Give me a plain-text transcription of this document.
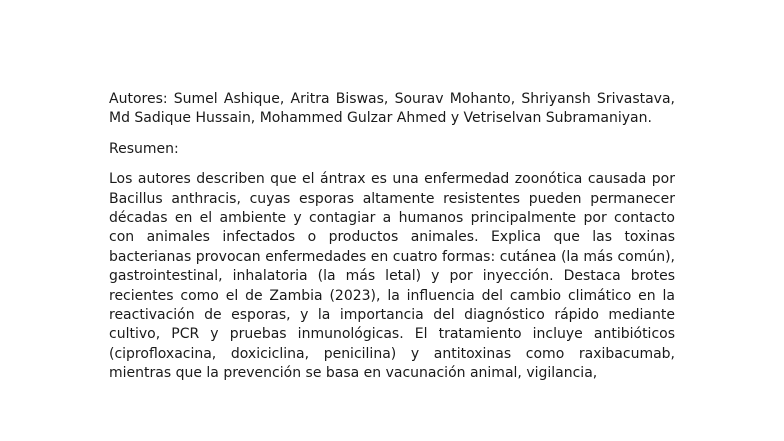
Autores: Sumel Ashique, Aritra Biswas, Sourav Mohanto, Shriyansh Srivastava, Md Sadique Hussain, Mohammed Gulzar Ahmed y Vetriselvan Subramaniyan.

Resumen:

Los autores describen que el ántrax es una enfermedad zoonótica causada por Bacillus anthracis, cuyas esporas altamente resistentes pueden permanecer décadas en el ambiente y contagiar a humanos principalmente por contacto con animales infectados o productos animales. Explica que las toxinas bacterianas provocan enfermedades en cuatro formas: cutánea (la más común), gastrointestinal, inhalatoria (la más letal) y por inyección. Destaca brotes recientes como el de Zambia (2023), la influencia del cambio climático en la reactivación de esporas, y la importancia del diagnóstico rápido mediante cultivo, PCR y pruebas inmunológicas. El tratamiento incluye antibióticos (ciprofloxacina, doxiciclina, penicilina) y antitoxinas como raxibacumab, mientras que la prevención se basa en vacunación animal, vigilancia,
